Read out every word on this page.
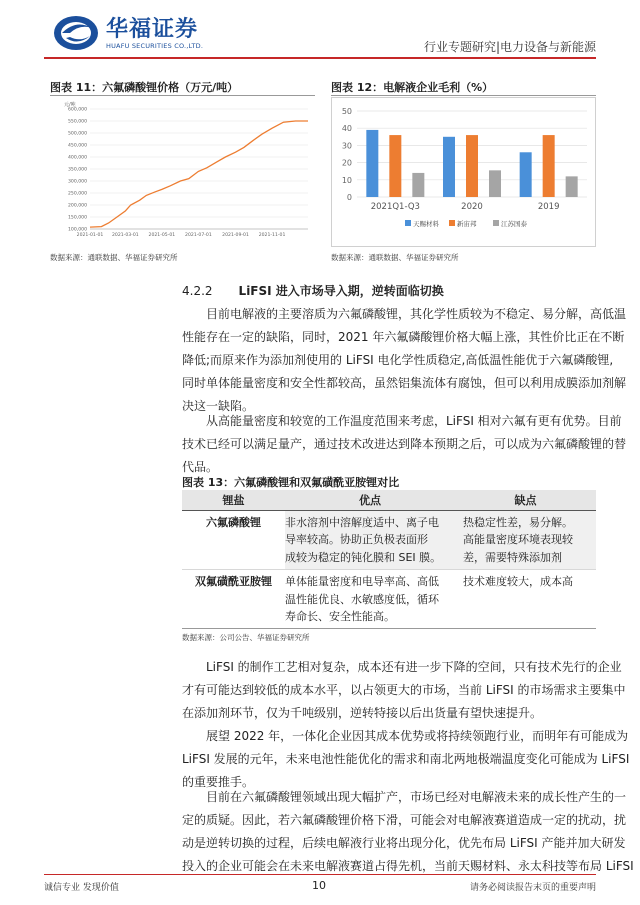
华福证券
HUAFU SECURITIES CO.,LTD.	行业专题研究|电力设备与新能源
图表 11：六氟磷酸锂价格（万元/吨）
元/吨
100,000
150,000
200,000
250,000
300,000
350,000
400,000
450,000
500,000
550,000
600,000
2021-01-01 2021-03-01 2021-05-01 2021-07-01 2021-09-01 2021-11-01
数据来源：通联数据、华福证券研究所
图表 12：电解液企业毛利（%）
0
10
20
30
40
50
2021Q1-Q3	2020	2019
天赐材料	新宙邦	江苏国泰
数据来源：通联数据、华福证券研究所
4.2.2 LiFSI 进入市场导入期，逆转面临切换
目前电解液的主要溶质为六氟磷酸锂，其化学性质较为不稳定、易分解，高低温
性能存在一定的缺陷，同时，2021 年六氟磷酸锂价格大幅上涨，其性价比正在不断
降低;而原来作为添加剂使用的 LiFSI 电化学性质稳定,高低温性能优于六氟磷酸锂,
同时单体能量密度和安全性都较高，虽然铝集流体有腐蚀，但可以利用成膜添加剂解
决这一缺陷。
从高能量密度和较宽的工作温度范围来考虑，LiFSI 相对六氟有更有优势。目前
技术已经可以满足量产，通过技术改进达到降本预期之后，可以成为六氟磷酸锂的替
代品。
图表 13：六氟磷酸锂和双氟磺酰亚胺锂对比
锂盐	优点	缺点

六氟磷酸锂	非水溶剂中溶解度适中、离子电
导率较高。协助正负极表面形
成较为稳定的钝化膜和 SEI 膜。	热稳定性差，易分解。
高能量密度环境表现较
差，需要特殊添加剂

双氟磺酰亚胺锂	单体能量密度和电导率高、高低
温性能优良、水敏感度低，循环
寿命长、安全性能高。	技术难度较大，成本高
数据来源：公司公告、华福证券研究所
LiFSI 的制作工艺相对复杂，成本还有进一步下降的空间，只有技术先行的企业
才有可能达到较低的成本水平，以占领更大的市场，当前 LiFSI 的市场需求主要集中
在添加剂环节，仅为千吨级别，逆转特接以后出货量有望快速提升。
展望 2022 年，一体化企业因其成本优势或将持续领跑行业，而明年有可能成为
LiFSI 发展的元年，未来电池性能优化的需求和南北两地极端温度变化可能成为 LiFSI
的重要推手。
目前在六氟磷酸锂领域出现大幅扩产，市场已经对电解液未来的成长性产生的一
定的质疑。因此，若六氟磷酸锂价格下滑，可能会对电解液赛道造成一定的扰动，扰
动是逆转切换的过程，后续电解液行业将出现分化，优先布局 LiFSI 产能并加大研发
投入的企业可能会在未来电解液赛道占得先机，当前天赐材料、永太科技等布局 LiFSI
诚信专业 发现价值	10	请务必阅读报告末页的重要声明
